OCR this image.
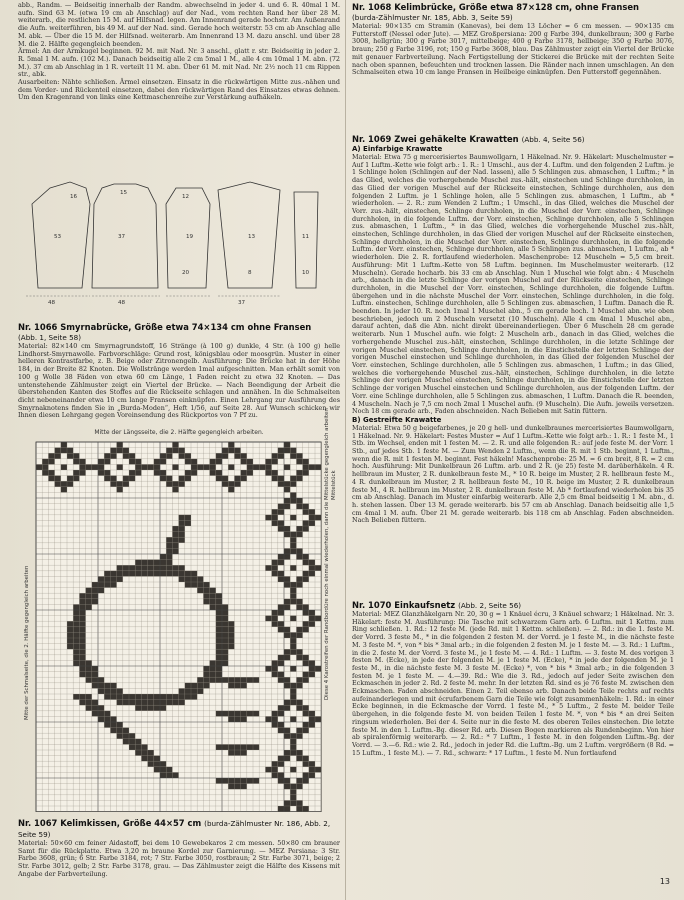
abb., Randm. — Beidseitig innerhalb der Randm. abwechselnd in jeder 4. und 6. R. 40mal 1 M. aufn. Sind 63 M. (etwa 19 cm ab Anschlag) auf der Nad., vom rechten Rand her über 28 M. weiterarb., die restlichen 15 M. auf Hilfsnad. legen. Am Innenrand gerade hochstr. Am Außenrand die Aufn. weiterführen, bis 49 M. auf der Nad. sind. Gerade hoch weiterstr. 53 cm ab Anschlag alle M. abk. — Über die 15 M. der Hilfsnad. weiterarb. Am Innenrand 13 M. dazu anschl. und über 28 M. die 2. Hälfte gegengleich beenden.

Ärmel: An der Armkugel beginnen. 92 M. mit Nad. Nr. 3 anschl., glatt r. str. Beidseitig in jeder 2. R. 5mal 1 M. aufn. (102 M.). Danach beidseitig alle 2 cm 5mal 1 M., alle 4 cm 10mal 1 M. abn. (72 M.). 37 cm ab Anschlag in 1 R. verteilt 11 M. abn. Über 61 M. mit Nad. Nr. 2½ noch 11 cm Rippen str., abk.

Ausarbeiten: Nähte schließen. Ärmel einsetzen. Einsatz in die rückwärtigen Mitte zus.-nähen und dem Vorder- und Rückenteil einsetzen, dabei den rückwärtigen Rand des Einsatzes etwas dehnen. Um den Kragenrand von links eine Kettmaschenreihe zur Verstärkung aufhäkeln.

53	37
48	48	37
16
15
12
19	13	11
20	8	10

Nr. 1066 Smyrnabrücke, Größe etwa 74×134 cm ohne Fransen

(Abb. 1, Seite 58)

Material: 82×140 cm Smyrnagrundstoff, 16 Stränge (à 100 g) dunkle, 4 Str. (à 100 g) helle Lindhorst-Smyrnawolle. Farbvorschläge: Grund rost, königsblau oder moosgrün. Muster in einer helleren Kontrastfarbe, z. B. Beige oder Zitronengelb. Ausführung: Die Brücke hat in der Höhe 184, in der Breite 82 Knoten. Die Wollstränge werden 1mal aufgeschnitten. Man erhält somit von 100 g Wolle 38 Fäden von etwa 60 cm Länge, 1 Faden reicht zu etwa 32 Knoten. — Das untenstehende Zählmuster zeigt ein Viertel der Brücke. — Nach Beendigung der Arbeit die überstehenden Kanten des Stoffes auf die Rückseite schlagen und annähen. In die Schmalseiten dicht nebeneinander etwa 10 cm lange Fransen einknüpfen. Einen Lehrgang zur Ausführung des Smyrnaknotens finden Sie in „Burda-Moden“, Heft 1/56, auf Seite 28. Auf Wunsch schicken wir Ihnen diesen Lehrgang gegen Voreinsendung des Rückportos von 7 Pf zu.

Mitte der Längsseite, die 2. Hälfte gegengleich arbeiten.
Mitte der Schmalseite, die 2. Hälfte gegengleich arbeiten	Diese 4 Karostreifen der Randbordüre noch einmal wiederholen, dann die Mittelstücke gegengleich arbeiten Mittelstück

Nr. 1067 Kelimkissen, Größe 44×57 cm (burda-Zählmuster Nr. 186, Abb. 2, Seite 59)

Material: 50×60 cm feiner Aidastoff, bei dem 10 Gewebekaros 2 cm messen. 50×80 cm brauner Samt für die Rückplatte. Etwa 3,20 m braune Kordel zur Garnierung. — MEZ Persiana: 3 Str. Farbe 3608, grün; 6 Str. Farbe 3184, rot; 7 Str. Farbe 3050, rostbraun; 2 Str. Farbe 3071, beige; 2 Str. Farbe 3012, gelb; 2 Str. Farbe 3178, grau. — Das Zählmuster zeigt die Hälfte des Kissens mit Angabe der Farbverteilung.

Nr. 1068 Kelimbrücke, Größe etwa 87×128 cm, ohne Fransen

(burda-Zählmuster Nr. 185, Abb. 3, Seite 59)

Material: 90×135 cm Stramin (Kanevas), bei dem 13 Löcher = 6 cm messen. — 90×135 cm Futterstoff (Nessel oder Jute). — MEZ Großpersiana: 200 g Farbe 394, dunkelbraun; 300 g Farbe 3008, hellgrün; 300 g Farbe 3017, mittelbeige; 400 g Farbe 3178, hellbeige; 350 g Farbe 3076, braun; 250 g Farbe 3196, rot; 150 g Farbe 3608, blau. Das Zählmuster zeigt ein Viertel der Brücke mit genauer Farbverteilung. Nach Fertigstellung der Stickerei die Brücke mit der rechten Seite nach oben spannen, befeuchten und trocknen lassen. Die Ränder nach innen umschlagen. An den Schmalseiten etwa 10 cm lange Fransen in Heilbeige einknüpfen. Den Futterstoff gegennähen.

Nr. 1069 Zwei gehäkelte Krawatten (Abb. 4, Seite 56)

A) Einfarbige Krawatte

Material: Etwa 75 g mercerisiertes Baumwollgarn, 1 Häkelnad. Nr. 9. Häkelart: Muschelmuster = Auf 1 Luftm.-Kette wie folgt arb.: 1. R.: 1 Umschl., aus der 4. Luftm. und den folgenden 2 Luftm. je 1 Schlinge holen (Schlingen auf der Nad. lassen), alle 5 Schlingen zus. abmaschen, 1 Luftm.; * in das Glied, welches die vorhergehende Muschel zus.-hält, einstechen und Schlinge durchholen, in das Glied der vorigen Muschel auf der Rückseite einstechen, Schlinge durchholen, aus den folgenden 2 Luftm. je 1 Schlinge holen, alle 5 Schlingen zus. abmaschen, 1 Luftm., ab * wiederholen. — 2. R.: zum Wenden 2 Luftm.; 1 Umschl., in das Glied, welches die Muschel der Vorr. zus.-hält, einstechen, Schlinge durchholen, in die Muschel der Vorr. einstechen, Schlinge durchholen, in die folgende Luftm. der Vorr. einstechen, Schlinge durchholen, alle 5 Schlingen zus. abmaschen, 1 Luftm., * in das Glied, welches die vorhergehende Muschel zus.-hält, einstechen, Schlinge durchholen, in das Glied der vorigen Muschel auf der Rückseite einstechen, Schlinge durchholen, in die Muschel der Vorr. einstechen, Schlinge durchholen, in die folgende Luftm. der Vorr. einstechen, Schlinge durchholen, alle 5 Schlingen zus. abmaschen, 1 Luftm., ab * wiederholen. Die 2. R. fortlaufend wiederholen. Maschenprobe: 12 Muscheln = 5,5 cm breit. Ausführung: Mit 1 Luftm.-Kette von 58 Luftm. beginnen. Im Muschelmuster weiterarb. (12 Muscheln). Gerade hocharb. bis 33 cm ab Anschlag. Nun 1 Muschel wie folgt abn.: 4 Muscheln arb., danach in die letzte Schlinge der vorigen Muschel auf der Rückseite einstechen, Schlinge durchholen, in die Muschel der Vorr. einstechen, Schlinge durchholen, die folgende Luftm. übergehen und in die nächste Muschel der Vorr. einstechen, Schlinge durchholen, in die folg. Luftm. einstechen, Schlinge durchholen, alle 5 Schlingen zus. abmaschen, 1 Luftm. Danach die R. beenden. In jeder 10. R. noch 1mal 1 Muschel abn., 5 cm gerade hoch. 1 Muschel abn. wie oben beschrieben, jedoch um 2 Muscheln versetzt (10 Muscheln). Alle 4 cm 4mal 1 Muschel abn., darauf achten, daß die Abn. nicht direkt übereinanderliegen. Über 6 Muscheln 28 cm gerade weiterarb. Nun 1 Muschel aufn. wie folgt: 2 Muscheln arb., danach in das Glied, welches die vorhergehende Muschel zus.-hält, einstechen, Schlinge durchholen, in die letzte Schlinge der vorigen Muschel einstechen, Schlinge durchholen, in die Einstichstelle der letzten Schlinge der vorigen Muschel einstechen und Schlinge durchholen, in das Glied der folgenden Muschel der Vorr. einstechen, Schlinge durchholen, alle 5 Schlingen zus. abmaschen, 1 Luftm.; in das Glied, welches die vorhergehende Muschel zus.-hält, einstechen, Schlinge durchholen, in die letzte Schlinge der vorigen Muschel einstechen, Schlinge durchholen, in die Einstichstelle der letzten Schlinge der vorigen Muschel einstechen und Schlinge durchholen, aus der folgenden Luftm. der Vorr. eine Schlinge durchholen, alle 5 Schlingen zus. abmaschen, 1 Luftm. Danach die R. beenden, 4 Muscheln. Nach je 7,5 cm noch 2mal 1 Muschel aufn. (9 Muscheln). Die Aufn. jeweils versetzen. Noch 18 cm gerade arb., Faden abschneiden. Nach Belieben mit Satin füttern.

B) Gestreifte Krawatte

Material: Etwa 50 g beigefarbenes, je 20 g hell- und dunkelbraunes mercerisiertes Baumwollgarn, 1 Häkelnad. Nr. 9. Häkelart: Festes Muster = Auf 1 Luftm.-Kette wie folgt arb.: 1. R.: 1 feste M., 1 Stb. im Wechsel, enden mit 1 festen M. — 2. R. und alle folgenden R.: auf jede feste M. der Vorr. 1 Stb., auf jedes Stb. 1 feste M. — Zum Wenden 2 Luftm., wenn die R. mit 1 Stb. beginnt, 1 Luftm., wenn die R. mit 1 festen M. beginnt. Fest häkeln! Maschenprobe: 25 M. = 6 cm breit, 8 R. = 2 cm hoch. Ausführung: Mit Dunkelbraun 26 Luftm. arb. und 2 R. (je 25) feste M. darüberhäkeln. 4 R. hellbraun im Muster, 2 R. dunkelbraun feste M., * 10 R. beige im Muster, 2 R. hellbraun feste M., 4 R. dunkelbraun im Muster, 2 R. hellbraun feste M., 10 R. beige im Muster, 2 R. dunkelbraun feste M., 4 R. hellbraun im Muster, 2 R. dunkelbraun feste M. Ab * fortlaufend wiederholen bis 35 cm ab Anschlag. Danach im Muster einfarbig weiterarb. Alle 2,5 cm 8mal beidseitig 1 M. abn., d. h. stehen lassen. Über 13 M. gerade weiterarb. bis 57 cm ab Anschlag. Danach beidseitig alle 1,5 cm 4mal 1 M. aufn. Über 21 M. gerade weiterarb. bis 118 cm ab Anschlag. Faden abschneiden. Nach Belieben füttern.

Nr. 1070 Einkaufsnetz (Abb. 2, Seite 56)

Material: MEZ Glanzhäkelgarn Nr. 20, 30 g = 1 Knäuel écru, 3 Knäuel schwarz; 1 Häkelnad. Nr. 3. Häkelart: feste M. Ausführung: Die Tasche mit schwarzem Garn arb. 6 Luftm. mit 1 Kettm. zum Ring schließen. 1. Rd.: 12 feste M. (jede Rd. mit 1 Kettm. schließen). — 2. Rd.: in die 1. feste M. der Vorrd. 3 feste M., * in die folgenden 2 festen M. der Vorrd. je 1 feste M., in die nächste feste M. 3 feste M. *, von * bis * 3mal arb.; in die folgenden 2 festen M. je 1 feste M. — 3. Rd.: 1 Luftm., in die 2. feste M. der Vorrd. 3 feste M., je 1 feste M. — 4. Rd.: 1 Luftm. — 3. feste M. des vorigen 3 festen M. (Ecke), in jede der folgenden M. je 1 feste M. (Ecke), * in jede der folgenden M. je 1 feste M., in die nächste feste M. 3 feste M. (Ecke) *, von * bis * 3mal arb.; in die folgenden 3 festen M. je 1 feste M. — 4.—39. Rd.: Wie die 3. Rd., jedoch auf jeder Seite zwischen den Eckmaschen in jeder 2. Rd. 2 feste M. mehr. In der letzten Rd. sind es je 76 feste M. zwischen den Eckmaschen. Faden abschneiden. Einen 2. Teil ebenso arb. Danach beide Teile rechts auf rechts aufeinanderlegen und mit écrufarbenem Garn die Teile wie folgt zusammenhäkeln: 1. Rd.: in einer Ecke beginnen, in die Eckmasche der Vorrd. 1 feste M., * 5 Luftm., 2 feste M. beider Teile übergehen, in die folgende feste M. von beiden Teilen 1 feste M. *, von * bis * an drei Seiten ringsum wiederholen. Bei der 4. Seite nur in die feste M. des oberen Teiles einstechen. Die letzte feste M. in den 1. Luftm.-Bg. dieser Rd. arb. Diesen Bogen markieren als Rundenbeginn. Von hier ab spiralenförmig weiterarb. — 2. Rd.: * 7 Luftm., 1 feste M. in den folgenden Luftm.-Bg. der Vorrd. — 3.—6. Rd.: wie 2. Rd., jedoch in jeder Rd. die Luftm.-Bg. um 2 Luftm. vergrößern (8 Rd. = 15 Luftm., 1 feste M.). — 7. Rd., schwarz: * 17 Luftm., 1 feste M. Nun fortlaufend

13
